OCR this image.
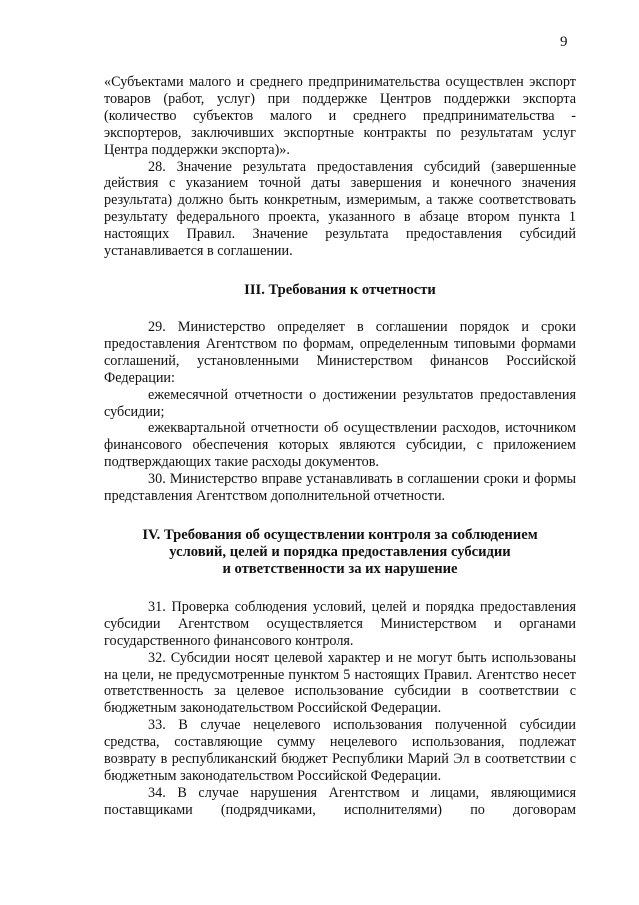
9

«Субъектами малого и среднего предпринимательства осуществлен экспорт товаров (работ, услуг) при поддержке Центров поддержки экспорта (количество субъектов малого и среднего предпринимательства - экспортеров, заключивших экспортные контракты по результатам услуг Центра поддержки экспорта)».

28. Значение результата предоставления субсидий (завершенные действия с указанием точной даты завершения и конечного значения результата) должно быть конкретным, измеримым, а также соответствовать результату федерального проекта, указанного в абзаце втором пункта 1 настоящих Правил. Значение результата предоставления субсидий устанавливается в соглашении.

III. Требования к отчетности

29. Министерство определяет в соглашении порядок и сроки предоставления Агентством по формам, определенным типовыми формами соглашений, установленными Министерством финансов Российской Федерации:

ежемесячной отчетности о достижении результатов предоставления субсидии;

ежеквартальной отчетности об осуществлении расходов, источником финансового обеспечения которых являются субсидии, с приложением подтверждающих такие расходы документов.

30. Министерство вправе устанавливать в соглашении сроки и формы представления Агентством дополнительной отчетности.

IV. Требования об осуществлении контроля за соблюдением
условий, целей и порядка предоставления субсидии
и ответственности за их нарушение

31. Проверка соблюдения условий, целей и порядка предоставления субсидии Агентством осуществляется Министерством и органами государственного финансового контроля.

32. Субсидии носят целевой характер и не могут быть использованы на цели, не предусмотренные пунктом 5 настоящих Правил. Агентство несет ответственность за целевое использование субсидии в соответствии с бюджетным законодательством Российской Федерации.

33. В случае нецелевого использования полученной субсидии средства, составляющие сумму нецелевого использования, подлежат возврату в республиканский бюджет Республики Марий Эл в соответствии с бюджетным законодательством Российской Федерации.

34. В случае нарушения Агентством и лицами, являющимися поставщиками (подрядчиками, исполнителями) по договорам
